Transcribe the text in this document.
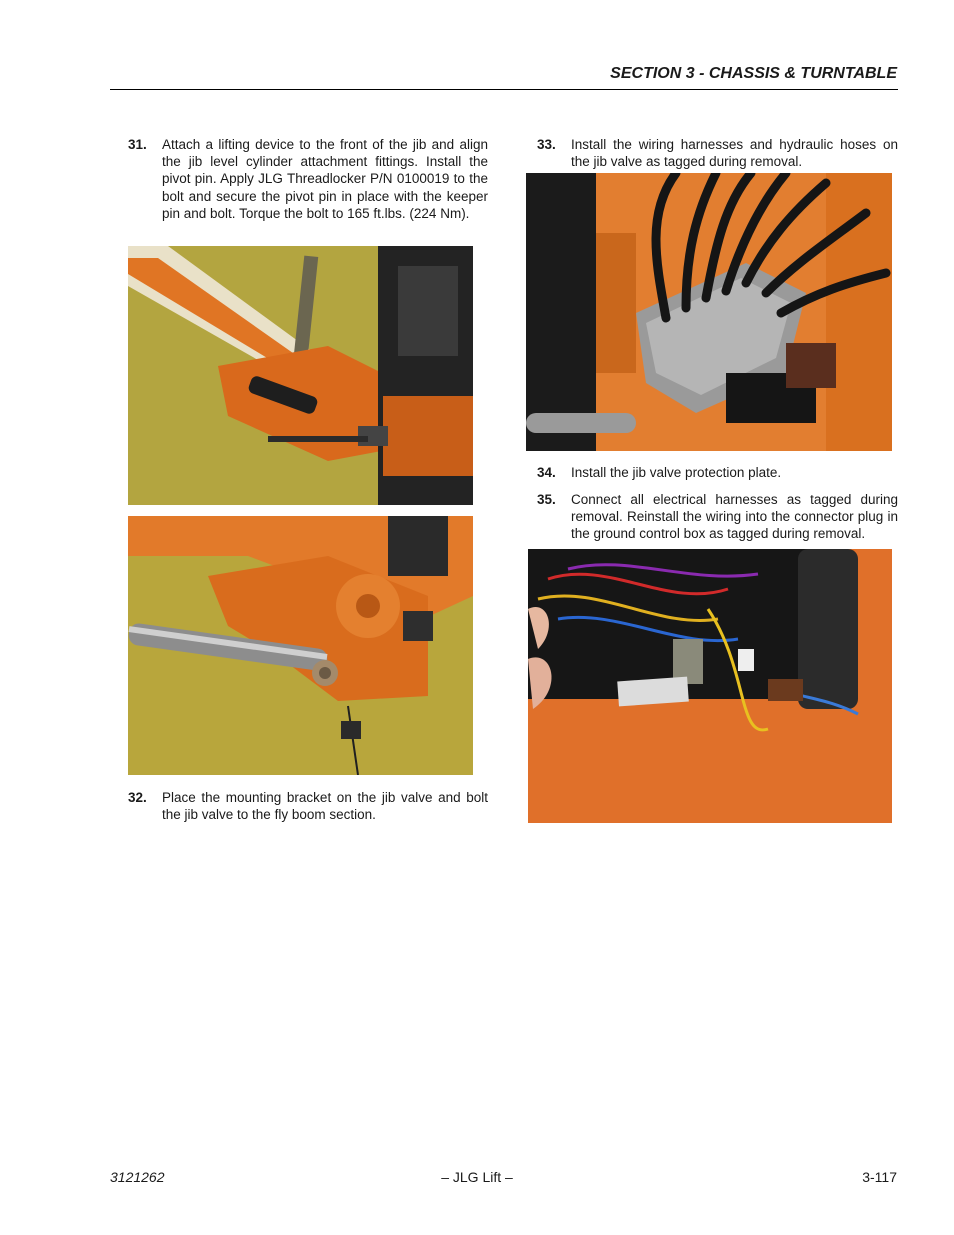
SECTION 3 - CHASSIS & TURNTABLE
31. Attach a lifting device to the front of the jib and align the jib level cylinder attachment fittings. Install the pivot pin. Apply JLG Threadlocker P/N 0100019 to the bolt and secure the pivot pin in place with the keeper pin and bolt. Torque the bolt to 165 ft.lbs. (224 Nm).
32. Place the mounting bracket on the jib valve and bolt the jib valve to the fly boom section.
33. Install the wiring harnesses and hydraulic hoses on the jib valve as tagged during removal.
34. Install the jib valve protection plate.
35. Connect all electrical harnesses as tagged during removal. Reinstall the wiring into the connector plug in the ground control box as tagged during removal.
3121262	– JLG Lift –	3-117
